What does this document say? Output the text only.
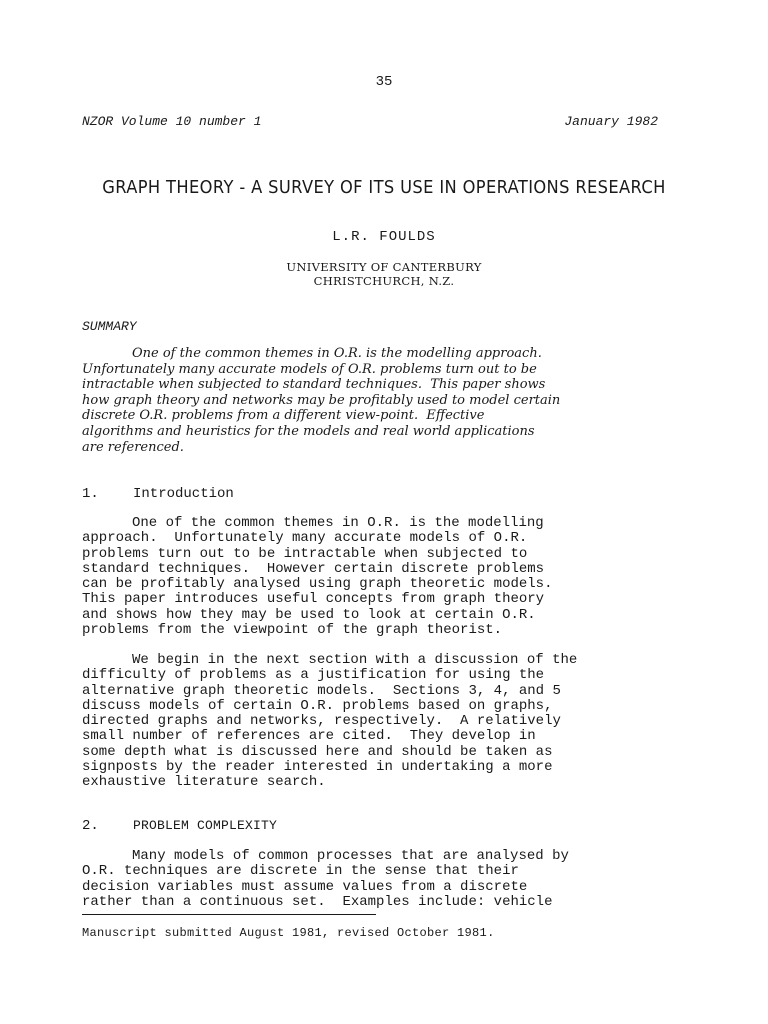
35
NZOR Volume 10 number 1	January 1982
GRAPH THEORY - A SURVEY OF ITS USE IN OPERATIONS RESEARCH
L.R. FOULDS
UNIVERSITY OF CANTERBURY
CHRISTCHURCH, N.Z.
SUMMARY
One of the common themes in O.R. is the modelling approach.
Unfortunately many accurate models of O.R. problems turn out to be
intractable when subjected to standard techniques.  This paper shows
how graph theory and networks may be profitably used to model certain
discrete O.R. problems from a different view-point.  Effective
algorithms and heuristics for the models and real world applications
are referenced.
1. Introduction
One of the common themes in O.R. is the modelling
approach.  Unfortunately many accurate models of O.R.
problems turn out to be intractable when subjected to
standard techniques.  However certain discrete problems
can be profitably analysed using graph theoretic models.
This paper introduces useful concepts from graph theory
and shows how they may be used to look at certain O.R.
problems from the viewpoint of the graph theorist.
We begin in the next section with a discussion of the
difficulty of problems as a justification for using the
alternative graph theoretic models.  Sections 3, 4, and 5
discuss models of certain O.R. problems based on graphs,
directed graphs and networks, respectively.  A relatively
small number of references are cited.  They develop in
some depth what is discussed here and should be taken as
signposts by the reader interested in undertaking a more
exhaustive literature search.
2.	PROBLEM COMPLEXITY
Many models of common processes that are analysed by
O.R. techniques are discrete in the sense that their
decision variables must assume values from a discrete
rather than a continuous set.  Examples include: vehicle
Manuscript submitted August 1981, revised October 1981.
